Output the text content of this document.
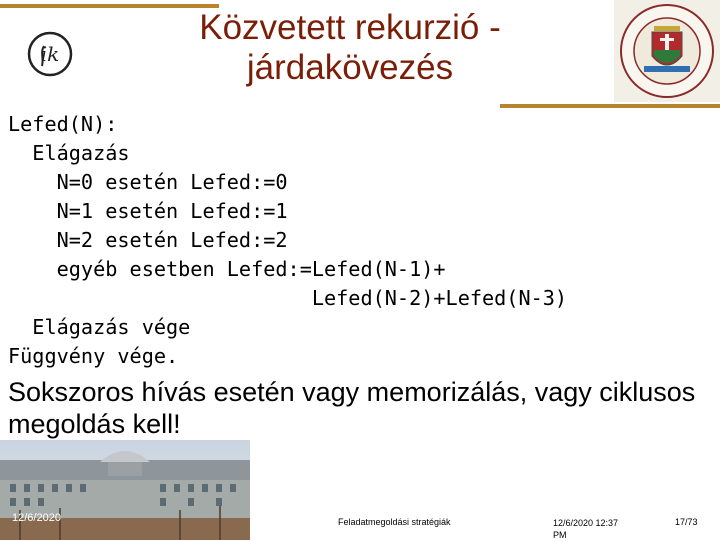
ik
Közvetett rekurzió -
járdakövezés
Lefed(N):
Elágazás
N=0 esetén Lefed:=0
N=1 esetén Lefed:=1
N=2 esetén Lefed:=2
egyéb esetben Lefed:=Lefed(N-1)+
Lefed(N-2)+Lefed(N-3)
Elágazás vége
Függvény vége.
Sokszoros hívás esetén vagy memorizálás, vagy ciklusos megoldás kell!
12/6/2020	Feladatmegoldási stratégiák	12/6/2020 12:37 PM
17/73
